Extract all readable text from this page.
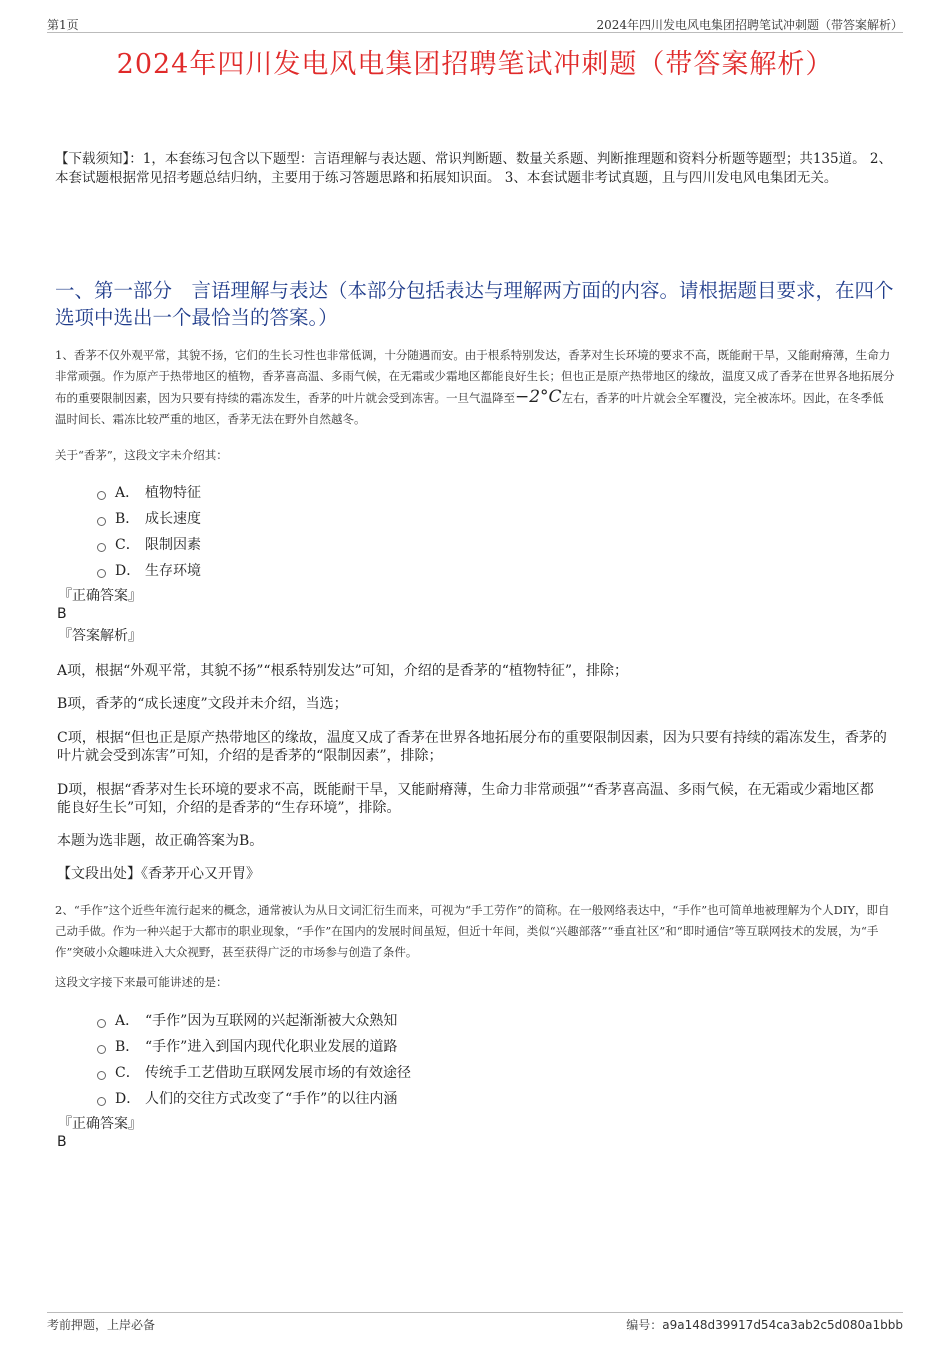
第1页	2024年四川发电风电集团招聘笔试冲刺题（带答案解析）
2024年四川发电风电集团招聘笔试冲刺题（带答案解析）
【下载须知】：1，本套练习包含以下题型：言语理解与表达题、常识判断题、数量关系题、判断推理题和资料分析题等题型；共135道。 2、本套试题根据常见招考题总结归纳，主要用于练习答题思路和拓展知识面。 3、本套试题非考试真题，且与四川发电风电集团无关。
一、第一部分　言语理解与表达（本部分包括表达与理解两方面的内容。请根据题目要求，在四个选项中选出一个最恰当的答案。）
1、香茅不仅外观平常，其貌不扬，它们的生长习性也非常低调，十分随遇而安。由于根系特别发达，香茅对生长环境的要求不高，既能耐干旱，又能耐瘠薄，生命力非常顽强。作为原产于热带地区的植物，香茅喜高温、多雨气候，在无霜或少霜地区都能良好生长；但也正是原产热带地区的缘故，温度又成了香茅在世界各地拓展分布的重要限制因素，因为只要有持续的霜冻发生，香茅的叶片就会受到冻害。一旦气温降至−2°C左右，香茅的叶片就会全军覆没，完全被冻坏。因此，在冬季低温时间长、霜冻比较严重的地区，香茅无法在野外自然越冬。
关于“香茅”，这段文字未介绍其：
A． 植物特征
B． 成长速度
C． 限制因素
D． 生存环境
『正确答案』
B
『答案解析』
A项，根据“外观平常，其貌不扬”“根系特别发达”可知，介绍的是香茅的“植物特征”，排除；
B项，香茅的“成长速度”文段并未介绍，当选；
C项，根据“但也正是原产热带地区的缘故，温度又成了香茅在世界各地拓展分布的重要限制因素，因为只要有持续的霜冻发生，香茅的叶片就会受到冻害”可知，介绍的是香茅的“限制因素”，排除；
D项，根据“香茅对生长环境的要求不高，既能耐干旱，又能耐瘠薄，生命力非常顽强”“香茅喜高温、多雨气候，在无霜或少霜地区都能良好生长”可知，介绍的是香茅的“生存环境”，排除。
本题为选非题，故正确答案为B。
【文段出处】《香茅开心又开胃》
2、“手作”这个近些年流行起来的概念，通常被认为从日文词汇衍生而来，可视为“手工劳作”的简称。在一般网络表达中，“手作”也可简单地被理解为个人DIY，即自己动手做。作为一种兴起于大都市的职业现象，“手作”在国内的发展时间虽短，但近十年间，类似“兴趣部落”“垂直社区”和“即时通信”等互联网技术的发展，为“手作”突破小众趣味进入大众视野，甚至获得广泛的市场参与创造了条件。
这段文字接下来最可能讲述的是：
A． “手作”因为互联网的兴起渐渐被大众熟知
B． “手作”进入到国内现代化职业发展的道路
C． 传统手工艺借助互联网发展市场的有效途径
D． 人们的交往方式改变了“手作”的以往内涵
『正确答案』
B
考前押题，上岸必备	编号：a9a148d39917d54ca3ab2c5d080a1bbb
